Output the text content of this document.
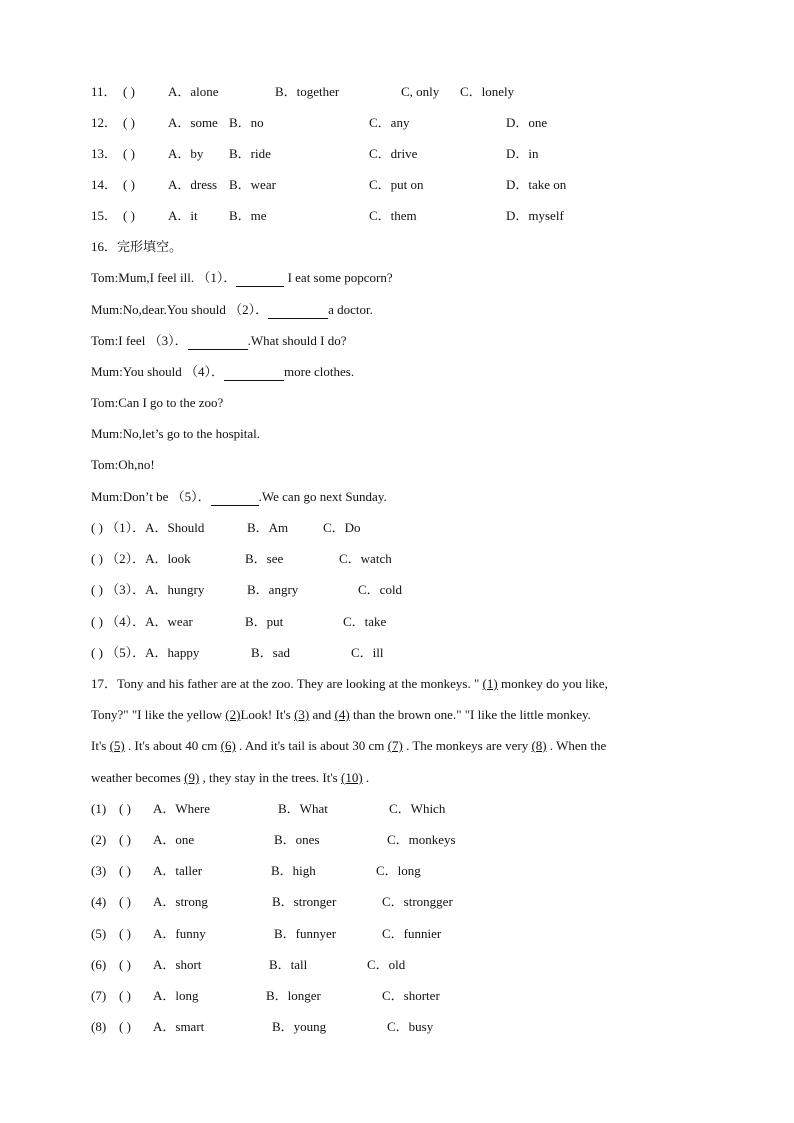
11． ( )	A．alone	B．together	C, only C．lonely
12． ( )	A．some B．no	C．any	D．one
13． ( )	A．by B．ride	C．drive	D．in
14． ( )	A．dress B．wear	C．put on	D．take on
15． ( )	A．it B．me	C．them	D．myself
16．完形填空。
Tom:Mum,I feel ill. （1）．	I eat some popcorn?
Mum:No,dear.You should （2）．	a doctor.
Tom:I feel （3）．	.What should I do?
Mum:You should （4）．	more clothes.
Tom:Can I go to the zoo?
Mum:No,let’s go to the hospital.
Tom:Oh,no!
Mum:Don’t be （5）．	.We can go next Sunday.
( ) （1）．A．Should	B．Am	C．Do
( ) （2）．A．look	B．see	C．watch
( ) （3）．A．hungry	B．angry	C．cold
( ) （4）．A．wear	B．put	C．take
( ) （5）．A．happy	B．sad	C．ill
17．Tony and his father are at the zoo. They are looking at the monkeys. " (1) monkey do you like,
Tony?" "I like the yellow (2)Look! It's (3) and (4) than the brown one." "I like the little monkey.
It's (5) . It's about 40 cm (6) . And it's tail is about 30 cm (7) . The monkeys are very (8) . When the
weather becomes (9) , they stay in the trees. It's (10) .
(1) ( ) A．Where	B．What	C．Which
(2) ( ) A．one	B．ones	C．monkeys
(3) ( ) A．taller	B．high	C．long
(4) ( ) A．strong	B．stronger	C．strongger
(5) ( ) A．funny	B．funnyer	C．funnier
(6) ( ) A．short	B．tall	C．old
(7) ( ) A．long	B．longer	C．shorter
(8) ( ) A．smart	B．young	C．busy
